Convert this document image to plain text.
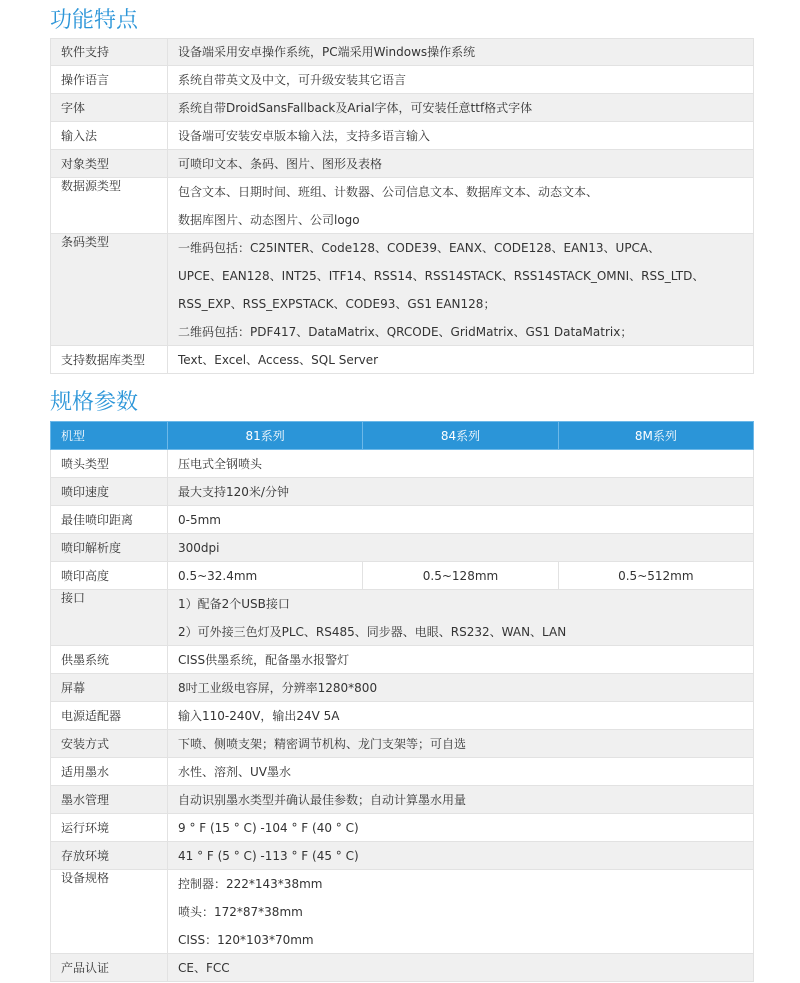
功能特点
软件支持	设备端采用安卓操作系统，PC端采用Windows操作系统
操作语言	系统自带英文及中文，可升级安装其它语言
字体	系统自带DroidSansFallback及Arial字体，可安装任意ttf格式字体
输入法	设备端可安装安卓版本输入法，支持多语言输入
对象类型	可喷印文本、条码、图片、图形及表格
数据源类型	包含文本、日期时间、班组、计数器、公司信息文本、数据库文本、动态文本、
数据库图片、动态图片、公司logo

条码类型	一维码包括：C25INTER、Code128、CODE39、EANX、CODE128、EAN13、UPCA、
UPCE、EAN128、INT25、ITF14、RSS14、RSS14STACK、RSS14STACK_OMNI、RSS_LTD、
RSS_EXP、RSS_EXPSTACK、CODE93、GS1 EAN128；
二维码包括：PDF417、DataMatrix、QRCODE、GridMatrix、GS1 DataMatrix；

支持数据库类型	Text、Excel、Access、SQL Server
规格参数
机型	81系列	84系列	8M系列
喷头类型	压电式全钢喷头		
喷印速度	最大支持120米/分钟		
最佳喷印距离	0-5mm		
喷印解析度	300dpi		
喷印高度	0.5~32.4mm	0.5~128mm	0.5~512mm
接口	1）配备2个USB接口
2）可外接三色灯及PLC、RS485、同步器、电眼、RS232、WAN、LAN		

供墨系统	CISS供墨系统，配备墨水报警灯		
屏幕	8吋工业级电容屏，分辨率1280*800		
电源适配器	输入110-240V，输出24V 5A		
安装方式	下喷、侧喷支架；精密调节机构、龙门支架等；可自选		
适用墨水	水性、溶剂、UV墨水		
墨水管理	自动识别墨水类型并确认最佳参数；自动计算墨水用量		
运行环境	9 ° F (15 ° C) -104 ° F (40 ° C)		
存放环境	41 ° F (5 ° C) -113 ° F (45 ° C)		
设备规格	控制器：222*143*38mm
喷头：172*87*38mm
CISS：120*103*70mm		

产品认证	CE、FCC		
